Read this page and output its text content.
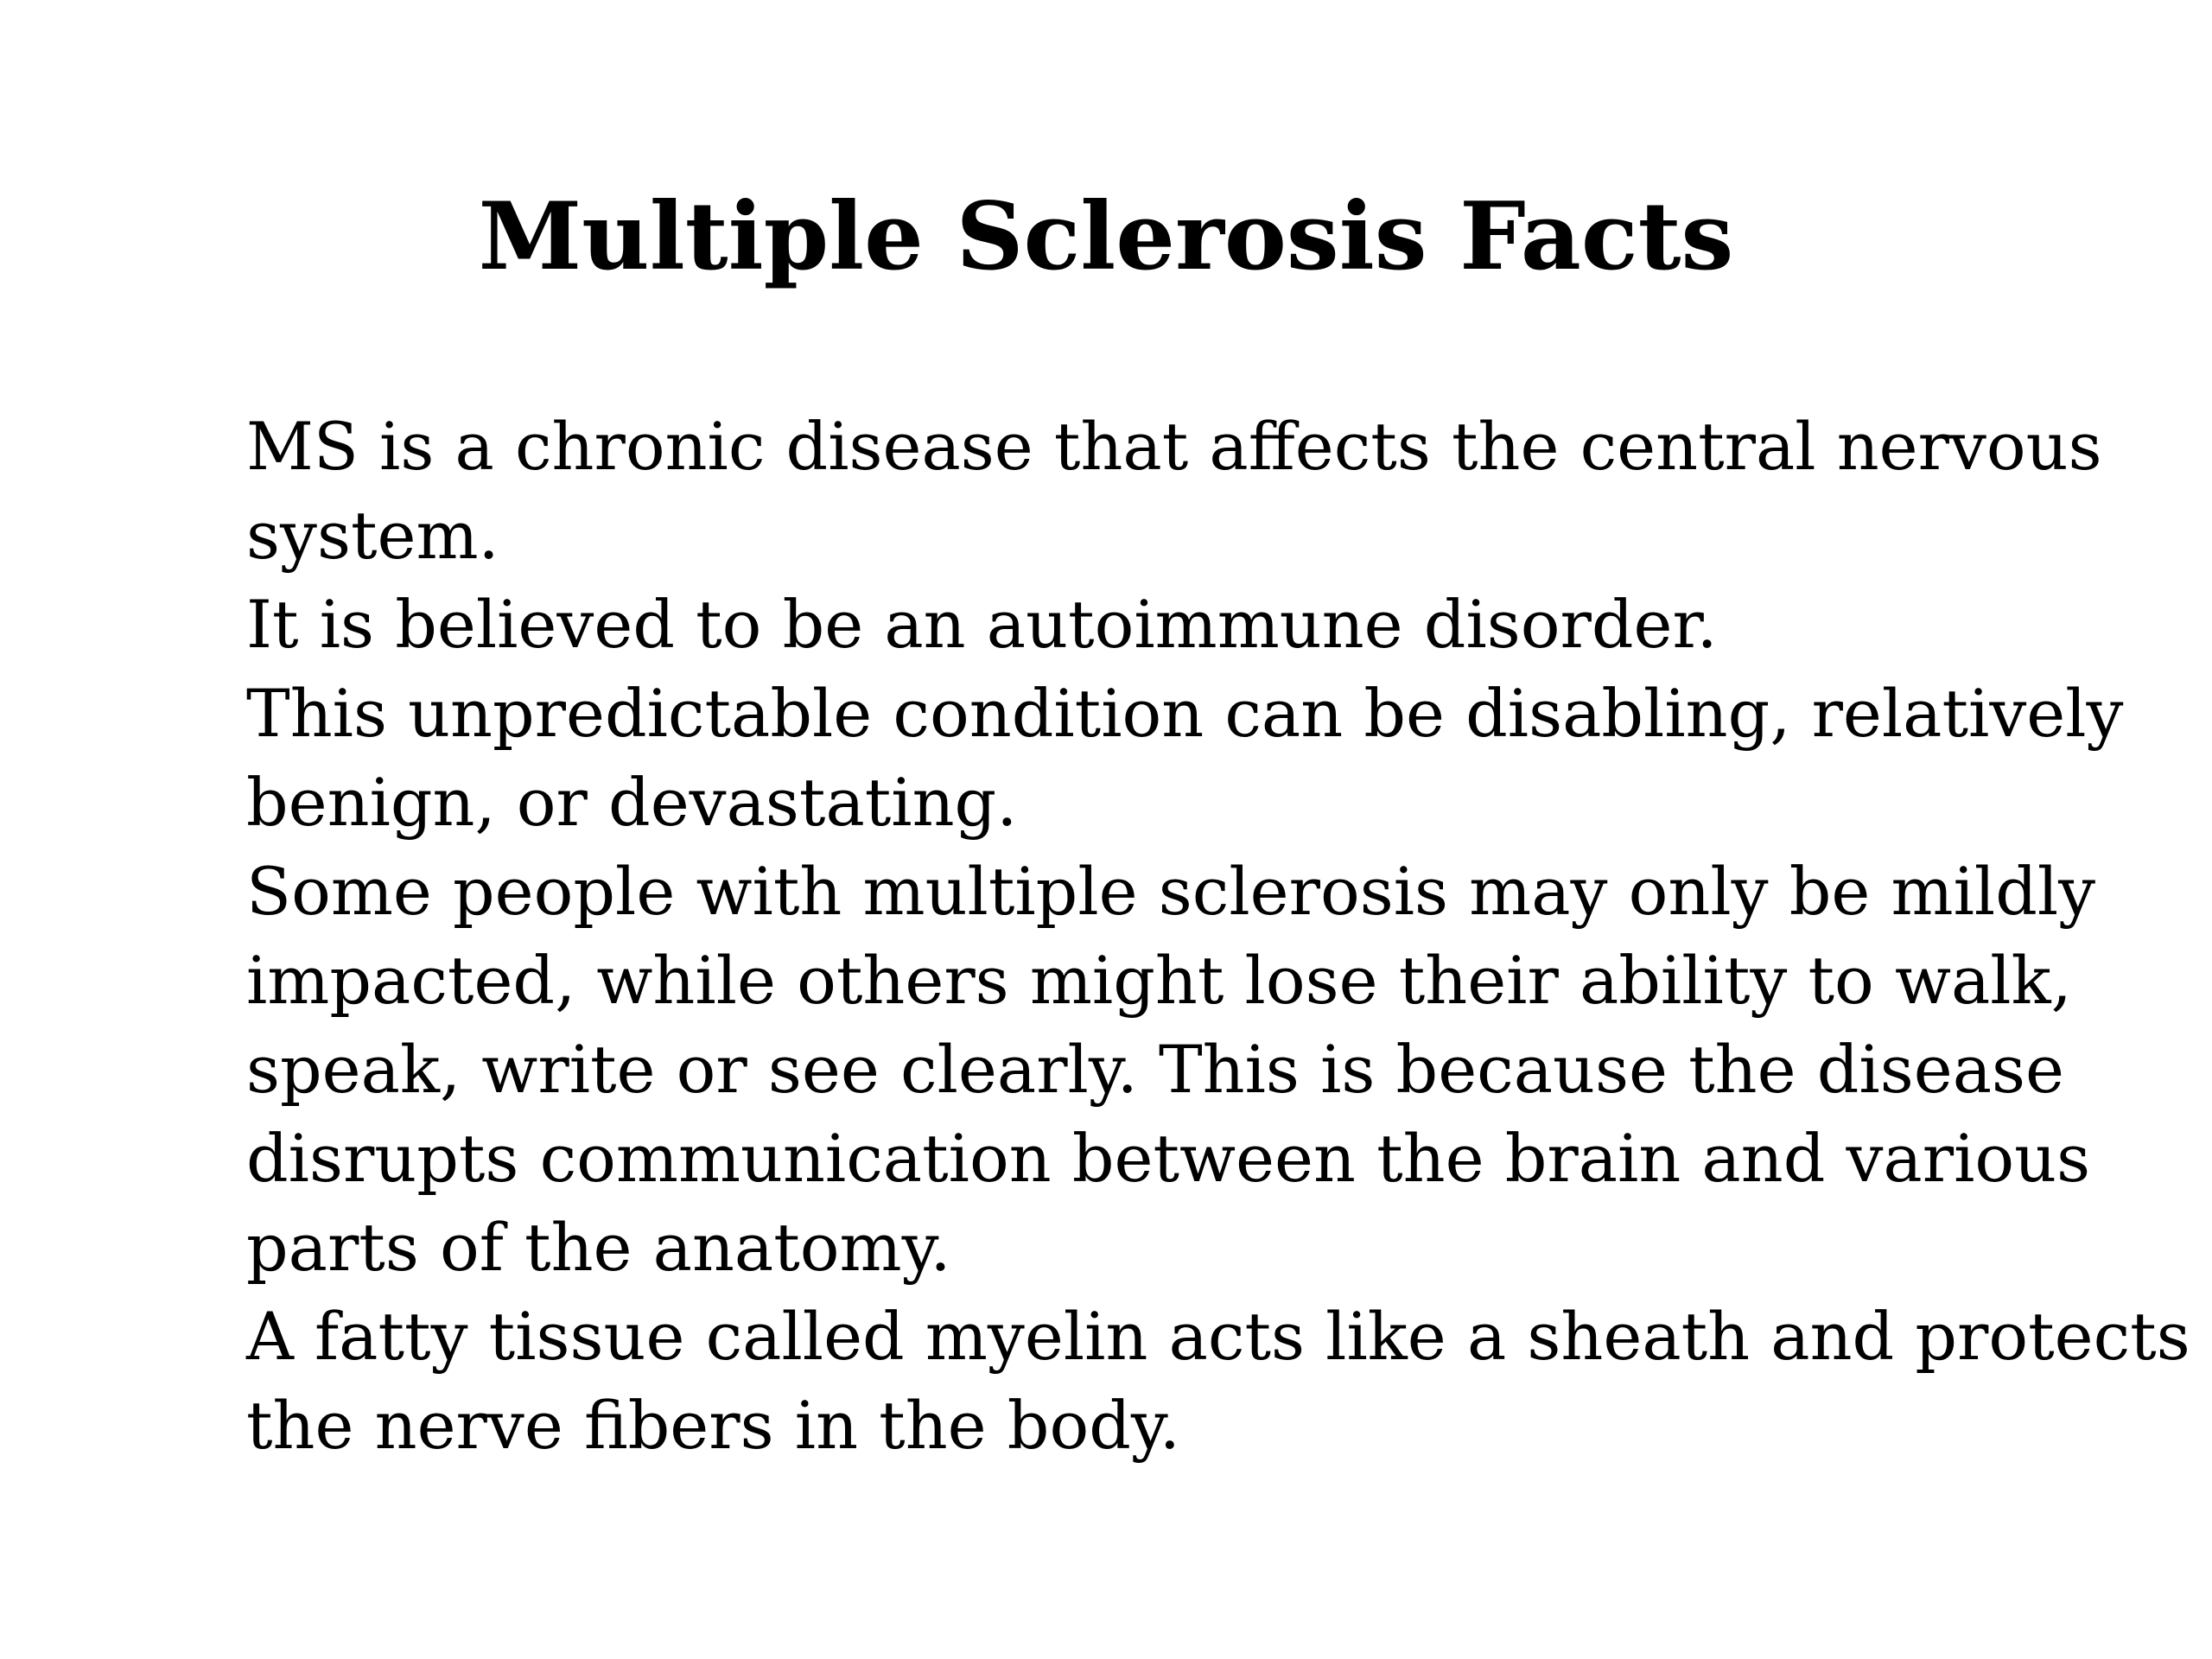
Multiple Sclerosis Facts

MS is a chronic disease that affects the central nervous
system.

It is believed to be an autoimmune disorder.

This unpredictable condition can be disabling, relatively
benign, or devastating.

Some people with multiple sclerosis may only be mildly
impacted, while others might lose their ability to walk,
speak, write or see clearly. This is because the disease
disrupts communication between the brain and various
parts of the anatomy.

A fatty tissue called myelin acts like a sheath and protects
the nerve fibers in the body.
